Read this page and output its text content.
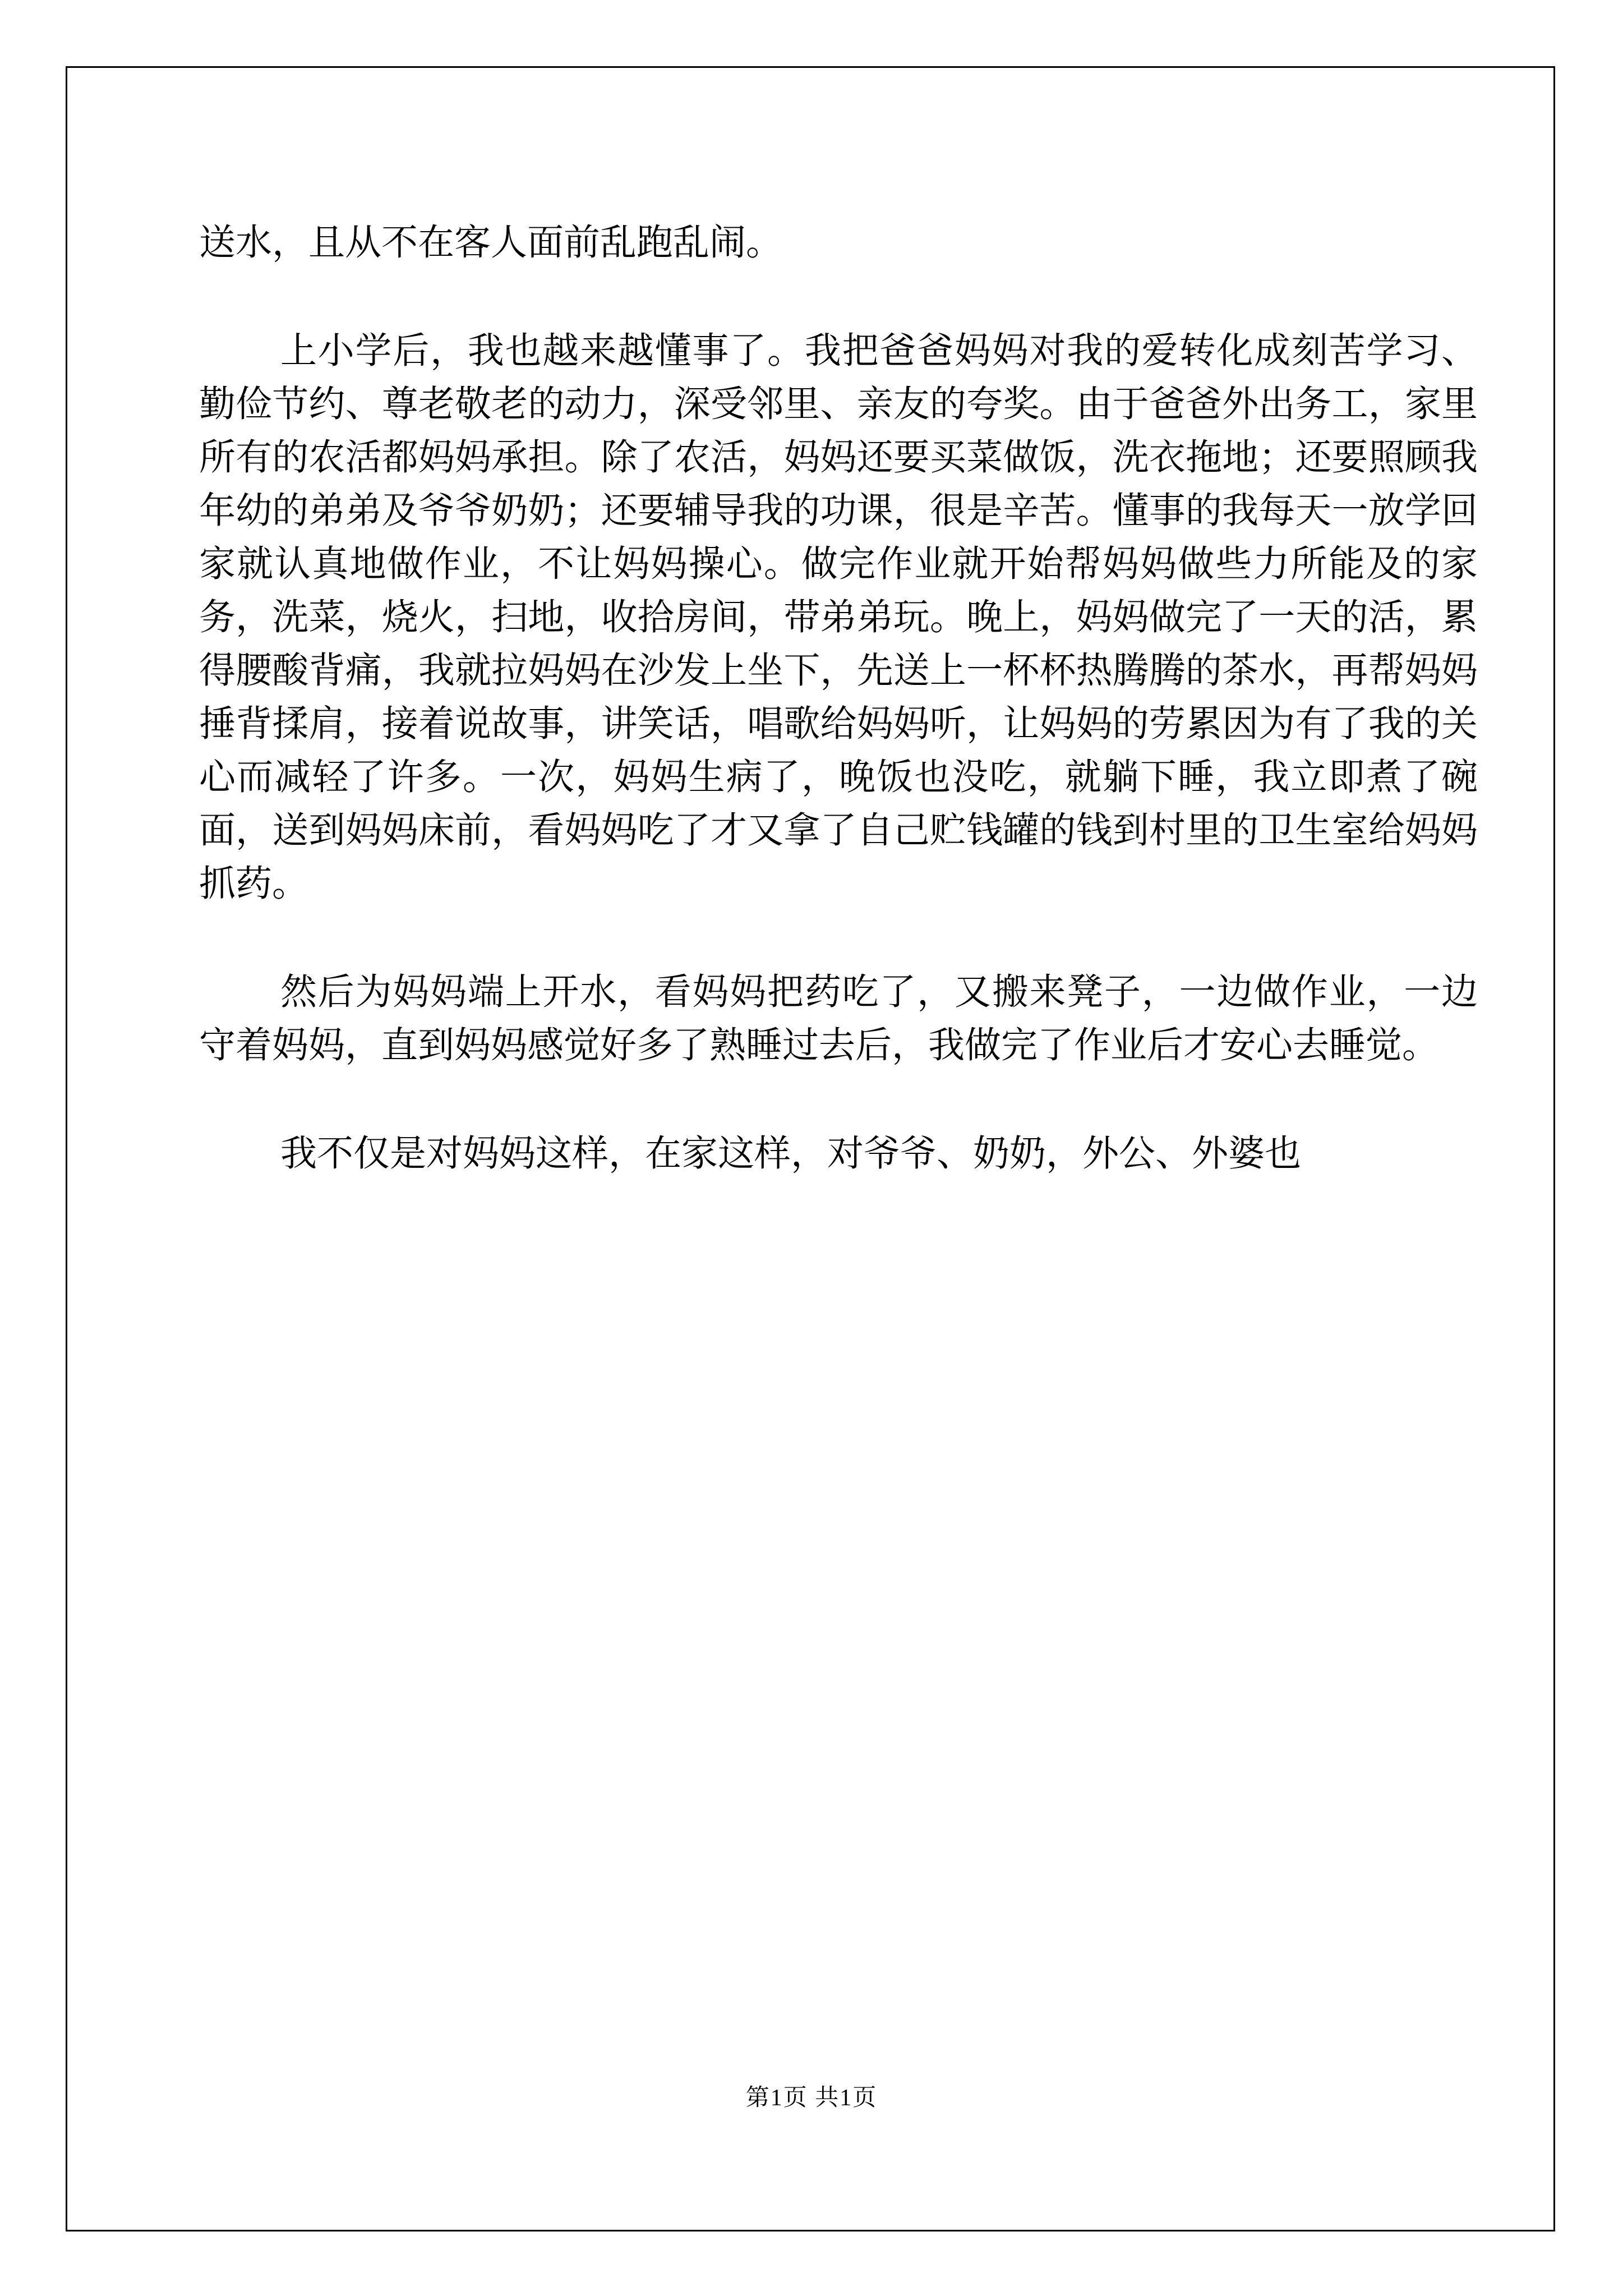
送水，且从不在客人面前乱跑乱闹。

上小学后，我也越来越懂事了。我把爸爸妈妈对我的爱转化成刻苦学习、勤俭节约、尊老敬老的动力，深受邻里、亲友的夸奖。由于爸爸外出务工，家里所有的农活都妈妈承担。除了农活，妈妈还要买菜做饭，洗衣拖地；还要照顾我年幼的弟弟及爷爷奶奶；还要辅导我的功课，很是辛苦。懂事的我每天一放学回家就认真地做作业，不让妈妈操心。做完作业就开始帮妈妈做些力所能及的家务，洗菜，烧火，扫地，收拾房间，带弟弟玩。晚上，妈妈做完了一天的活，累得腰酸背痛，我就拉妈妈在沙发上坐下，先送上一杯杯热腾腾的茶水，再帮妈妈捶背揉肩，接着说故事，讲笑话，唱歌给妈妈听，让妈妈的劳累因为有了我的关心而减轻了许多。一次，妈妈生病了，晚饭也没吃，就躺下睡，我立即煮了碗面，送到妈妈床前，看妈妈吃了才又拿了自己贮钱罐的钱到村里的卫生室给妈妈抓药。

然后为妈妈端上开水，看妈妈把药吃了，又搬来凳子，一边做作业，一边守着妈妈，直到妈妈感觉好多了熟睡过去后，我做完了作业后才安心去睡觉。

我不仅是对妈妈这样，在家这样，对爷爷、奶奶，外公、外婆也

第1页 共1页
